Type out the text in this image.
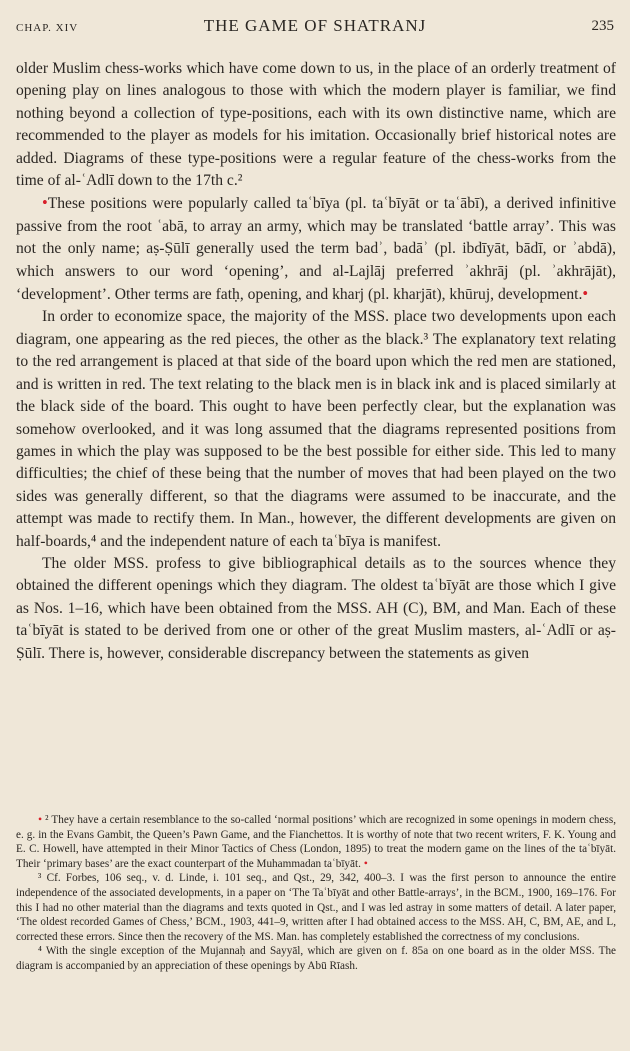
CHAP. XIV	THE GAME OF SHATRANJ	235

older Muslim chess-works which have come down to us, in the place of an orderly treatment of opening play on lines analogous to those with which the modern player is familiar, we find nothing beyond a collection of type-positions, each with its own distinctive name, which are recommended to the player as models for his imitation. Occasionally brief historical notes are added. Diagrams of these type-positions were a regular feature of the chess-works from the time of al-ʿAdlī down to the 17th c.²

•These positions were popularly called taʿbīya (pl. taʿbīyāt or taʿābī), a derived infinitive passive from the root ʿabā, to array an army, which may be translated ‘battle array’. This was not the only name; aṣ-Ṣūlī generally used the term badʾ, badāʾ (pl. ibdīyāt, bādī, or ʾabdā), which answers to our word ‘opening’, and al-Lajlāj preferred ʾakhrāj (pl. ʾakhrājāt), ‘development’. Other terms are fatḥ, opening, and kharj (pl. kharjāt), khūruj, development.•

In order to economize space, the majority of the MSS. place two developments upon each diagram, one appearing as the red pieces, the other as the black.³ The explanatory text relating to the red arrangement is placed at that side of the board upon which the red men are stationed, and is written in red. The text relating to the black men is in black ink and is placed similarly at the black side of the board. This ought to have been perfectly clear, but the explanation was somehow overlooked, and it was long assumed that the diagrams represented positions from games in which the play was supposed to be the best possible for either side. This led to many difficulties; the chief of these being that the number of moves that had been played on the two sides was generally different, so that the diagrams were assumed to be inaccurate, and the attempt was made to rectify them. In Man., however, the different developments are given on half-boards,⁴ and the independent nature of each taʿbīya is manifest.

The older MSS. profess to give bibliographical details as to the sources whence they obtained the different openings which they diagram. The oldest taʿbīyāt are those which I give as Nos. 1–16, which have been obtained from the MSS. AH (C), BM, and Man. Each of these taʿbīyāt is stated to be derived from one or other of the great Muslim masters, al-ʿAdlī or aṣ-Ṣūlī. There is, however, considerable discrepancy between the statements as given

• ² They have a certain resemblance to the so-called ‘normal positions’ which are recognized in some openings in modern chess, e. g. in the Evans Gambit, the Queen’s Pawn Game, and the Fianchettos. It is worthy of note that two recent writers, F. K. Young and E. C. Howell, have attempted in their Minor Tactics of Chess (London, 1895) to treat the modern game on the lines of the taʿbīyāt. Their ‘primary bases’ are the exact counterpart of the Muhammadan taʿbīyāt. •

³ Cf. Forbes, 106 seq., v. d. Linde, i. 101 seq., and Qst., 29, 342, 400–3. I was the first person to announce the entire independence of the associated developments, in a paper on ‘The Taʿbīyāt and other Battle-arrays’, in the BCM., 1900, 169–176. For this I had no other material than the diagrams and texts quoted in Qst., and I was led astray in some matters of detail. A later paper, ‘The oldest recorded Games of Chess,’ BCM., 1903, 441–9, written after I had obtained access to the MSS. AH, C, BM, AE, and L, corrected these errors. Since then the recovery of the MS. Man. has completely established the correctness of my conclusions.

⁴ With the single exception of the Mujannaḥ and Sayyāl, which are given on f. 85a on one board as in the older MSS. The diagram is accompanied by an appreciation of these openings by Abū Rīash.
